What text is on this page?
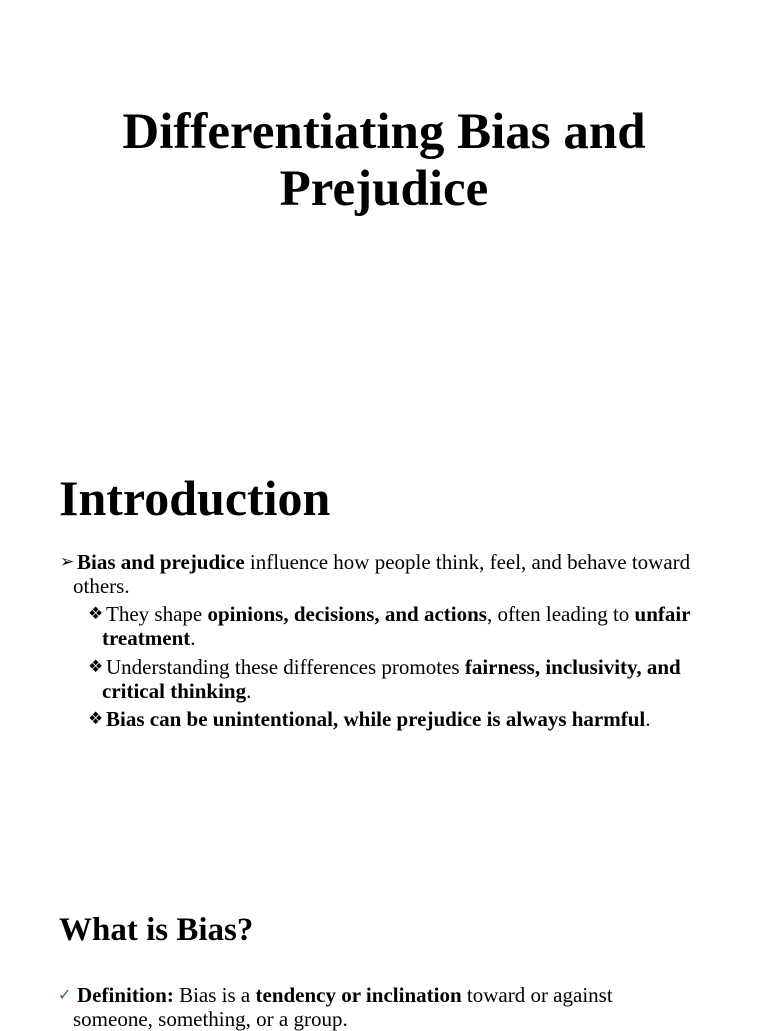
Differentiating Bias and Prejudice
Introduction
➢ Bias and prejudice influence how people think, feel, and behave toward others.
❖ They shape opinions, decisions, and actions, often leading to unfair treatment.
❖ Understanding these differences promotes fairness, inclusivity, and critical thinking.
❖ Bias can be unintentional, while prejudice is always harmful.
What is Bias?
✓ Definition: Bias is a tendency or inclination toward or against someone, something, or a group.
